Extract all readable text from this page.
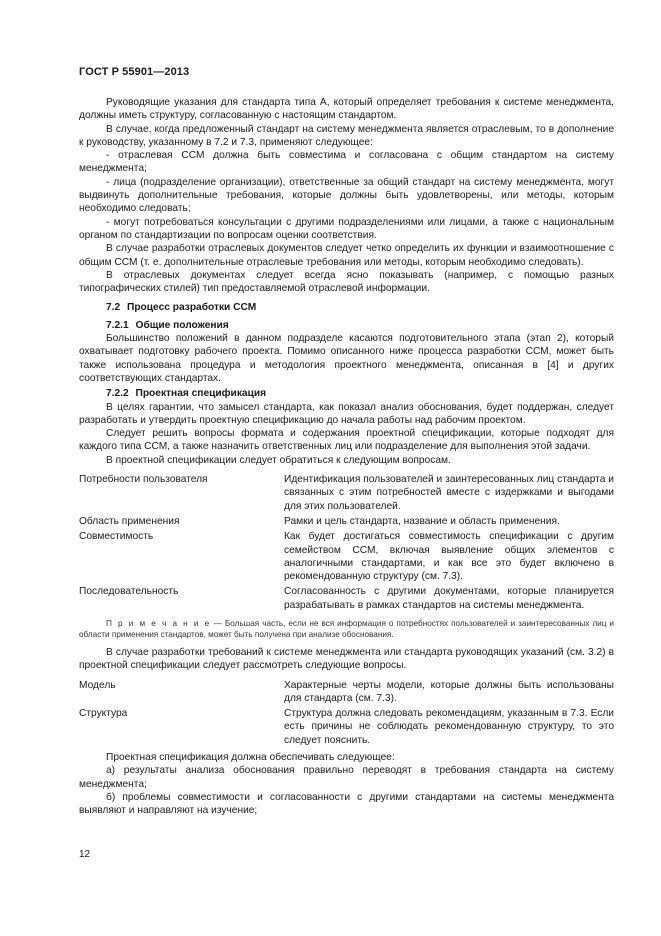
ГОСТ Р 55901—2013

Руководящие указания для стандарта типа A, который определяет требования к системе менеджмента, должны иметь структуру, согласованную с настоящим стандартом.

В случае, когда предложенный стандарт на систему менеджмента является отраслевым, то в дополнение к руководству, указанному в 7.2 и 7.3, применяют следующее:

- отраслевая ССМ должна быть совместима и согласована с общим стандартом на систему менеджмента;

- лица (подразделение организации), ответственные за общий стандарт на систему менеджмента, могут выдвинуть дополнительные требования, которые должны быть удовлетворены, или методы, которым необходимо следовать;

- могут потребоваться консультации с другими подразделениями или лицами, а также с национальным органом по стандартизации по вопросам оценки соответствия.

В случае разработки отраслевых документов следует четко определить их функции и взаимоотношение с общим ССМ (т. е. дополнительные отраслевые требования или методы, которым необходимо следовать).

В отраслевых документах следует всегда ясно показывать (например, с помощью разных типографических стилей) тип предоставляемой отраслевой информации.

7.2 Процесс разработки ССМ

7.2.1 Общие положения

Большинство положений в данном подразделе касаются подготовительного этапа (этап 2), который охватывает подготовку рабочего проекта. Помимо описанного ниже процесса разработки ССМ, может быть также использована процедура и методология проектного менеджмента, описанная в [4] и других соответствующих стандартах.

7.2.2 Проектная спецификация

В целях гарантии, что замысел стандарта, как показал анализ обоснования, будет поддержан, следует разработать и утвердить проектную спецификацию до начала работы над рабочим проектом.

Следует решить вопросы формата и содержания проектной спецификации, которые подходят для каждого типа ССМ, а также назначить ответственных лиц или подразделение для выполнения этой задачи.

В проектной спецификации следует обратиться к следующим вопросам.

Потребности пользователя	Идентификация пользователей и заинтересованных лиц стандарта и связанных с этим потребностей вместе с издержками и выгодами для этих пользователей.
Область применения	Рамки и цель стандарта, название и область применения.
Совместимость	Как будет достигаться совместимость спецификации с другим семейством ССМ, включая выявление общих элементов с аналогичными стандартами, и как все это будет включено в рекомендованную структуру (см. 7.3).
Последовательность	Согласованность с другими документами, которые планируется разрабатывать в рамках стандартов на системы менеджмента.

П р и м е ч а н и е — Большая часть, если не вся информация о потребностях пользователей и заинтересованных лиц и области применения стандартов, может быть получена при анализе обоснования.

В случае разработки требований к системе менеджмента или стандарта руководящих указаний (см. 3.2) в проектной спецификации следует рассмотреть следующие вопросы.

Модель	Характерные черты модели, которые должны быть использованы для стандарта (см. 7.3).
Структура	Структура должна следовать рекомендациям, указанным в 7.3. Если есть причины не соблюдать рекомендованную структуру, то это следует пояснить.

Проектная спецификация должна обеспечивать следующее:

а) результаты анализа обоснования правильно переводят в требования стандарта на систему менеджмента;

б) проблемы совместимости и согласованности с другими стандартами на системы менеджмента выявляют и направляют на изучение;

12
